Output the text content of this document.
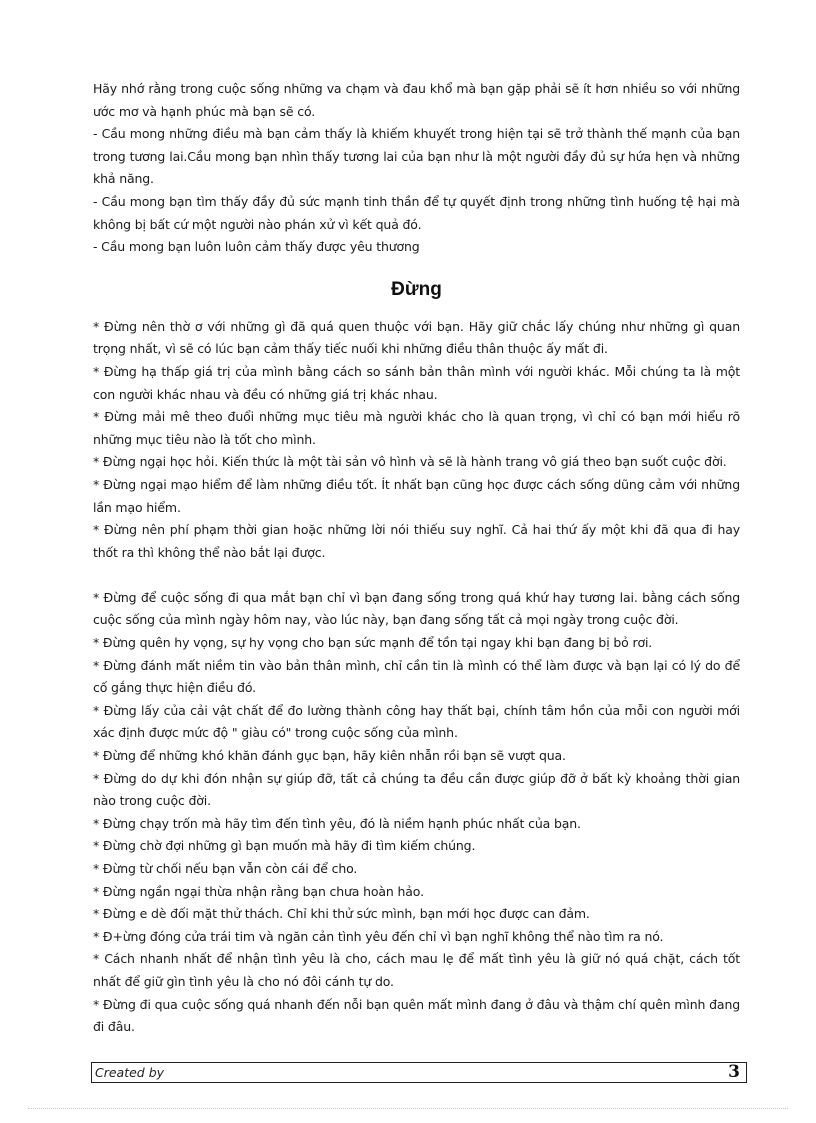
Hãy nhớ rằng trong cuộc sống những va chạm và đau khổ mà bạn gặp phải sẽ ít hơn nhiều so với những ước mơ và hạnh phúc mà bạn sẽ có.

- Cầu mong những điều mà bạn cảm thấy là khiếm khuyết trong hiện tại sẽ trở thành thế mạnh của bạn trong tương lai.Cầu mong bạn nhìn thấy tương lai của bạn như là một người đầy đủ sự hứa hẹn và những khả năng.

- Cầu mong bạn tìm thấy đầy đủ sức mạnh tinh thần để tự quyết định trong những tình huống tệ hại mà không bị bất cứ một người nào phán xử vì kết quả đó.

- Cầu mong bạn luôn luôn cảm thấy được yêu thương

Đừng

* Đừng nên thờ ơ với những gì đã quá quen thuộc với bạn. Hãy giữ chắc lấy chúng như những gì quan trọng nhất, vì sẽ có lúc bạn cảm thấy tiếc nuối khi những điều thân thuộc ấy mất đi.

* Đừng hạ thấp giá trị của mình bằng cách so sánh bản thân mình với người khác. Mỗi chúng ta là một con người khác nhau và đều có những giá trị khác nhau.

* Đừng mải mê theo đuổi những mục tiêu mà người khác cho là quan trọng, vì chỉ có bạn mới hiểu rõ những mục tiêu nào là tốt cho mình.

* Đừng ngại học hỏi. Kiến thức là một tài sản vô hình và sẽ là hành trang vô giá theo bạn suốt cuộc đời.

* Đừng ngại mạo hiểm để làm những điều tốt. Ít nhất bạn cũng học được cách sống dũng cảm với những lần mạo hiểm.

* Đừng nên phí phạm thời gian hoặc những lời nói thiếu suy nghĩ. Cả hai thứ ấy một khi đã qua đi hay thốt ra thì không thể nào bắt lại được.

* Đừng để cuộc sống đi qua mắt bạn chỉ vì bạn đang sống trong quá khứ hay tương lai. bằng cách sống cuộc sống của mình ngày hôm nay, vào lúc này, bạn đang sống tất cả mọi ngày trong cuộc đời.

* Đừng quên hy vọng, sự hy vọng cho bạn sức mạnh để tồn tại ngay khi bạn đang bị bỏ rơi.

* Đừng đánh mất niềm tin vào bản thân mình, chỉ cần tin là mình có thể làm được và bạn lại có lý do để cố gắng thực hiện điều đó.

* Đừng lấy của cải vật chất để đo lường thành công hay thất bại, chính tâm hồn của mỗi con người mới xác định được mức độ " giàu có" trong cuộc sống của mình.

* Đừng để những khó khăn đánh gục bạn, hãy kiên nhẫn rồi bạn sẽ vượt qua.

* Đừng do dự khi đón nhận sự giúp đỡ, tất cả chúng ta đều cần được giúp đỡ ở bất kỳ khoảng thời gian nào trong cuộc đời.

* Đừng chạy trốn mà hãy tìm đến tình yêu, đó là niềm hạnh phúc nhất của bạn.

* Đừng chờ đợi những gì bạn muốn mà hãy đi tìm kiếm chúng.

* Đừng từ chối nếu bạn vẫn còn cái để cho.

* Đừng ngần ngại thừa nhận rằng bạn chưa hoàn hảo.

* Đừng e dè đối mặt thử thách. Chỉ khi thử sức mình, bạn mới học được can đảm.

* Đ+ừng đóng cửa trái tim và ngăn cản tình yêu đến chỉ vì bạn nghĩ không thể nào tìm ra nó.

* Cách nhanh nhất để nhận tình yêu là cho, cách mau lẹ để mất tình yêu là giữ nó quá chặt, cách tốt nhất để giữ gìn tình yêu là cho nó đôi cánh tự do.

* Đừng đi qua cuộc sống quá nhanh đến nỗi bạn quên mất mình đang ở đâu và thậm chí quên mình đang đi đâu.

Created by	3
